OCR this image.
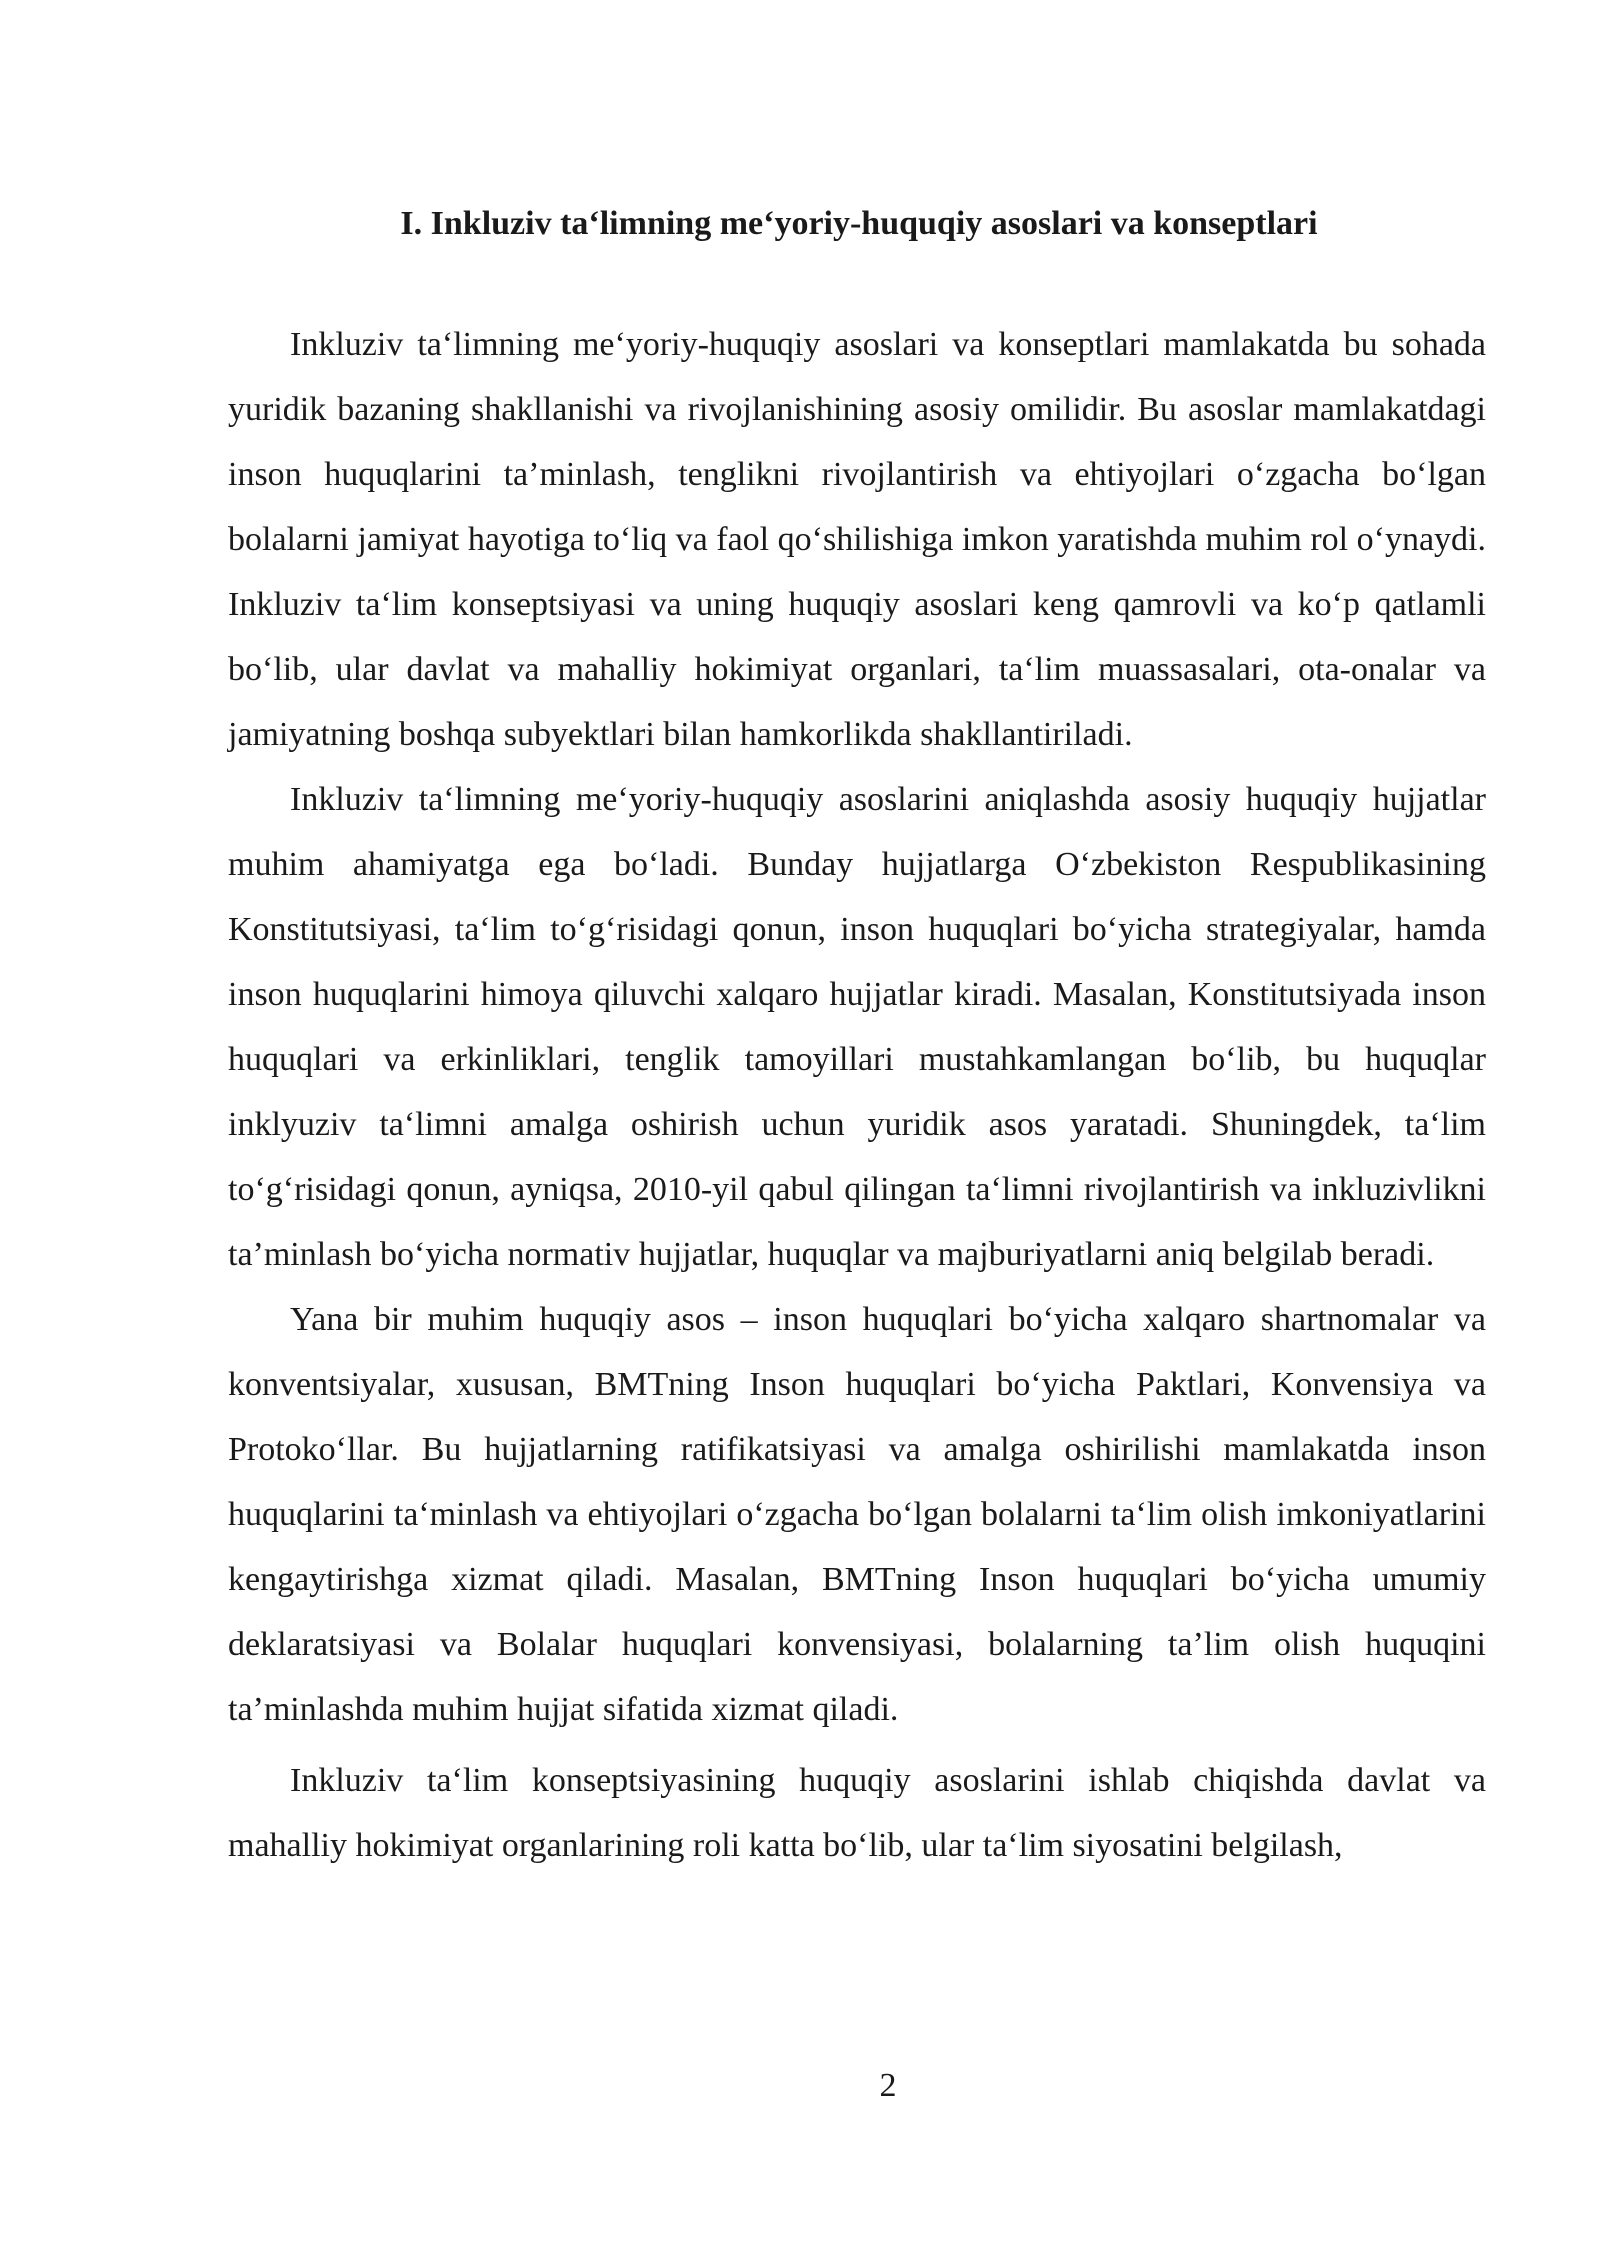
I. Inkluziv ta‘limning me‘yoriy-huquqiy asoslari va konseptlari

Inkluziv ta‘limning me‘yoriy-huquqiy asoslari va konseptlari mamlakatda bu sohada yuridik bazaning shakllanishi va rivojlanishining asosiy omilidir. Bu asoslar mamlakatdagi inson huquqlarini ta’minlash, tenglikni rivojlantirish va ehtiyojlari o‘zgacha bo‘lgan bolalarni jamiyat hayotiga to‘liq va faol qo‘shilishiga imkon yaratishda muhim rol o‘ynaydi. Inkluziv ta‘lim konseptsiyasi va uning huquqiy asoslari keng qamrovli va ko‘p qatlamli bo‘lib, ular davlat va mahalliy hokimiyat organlari, ta‘lim muassasalari, ota-onalar va jamiyatning boshqa subyektlari bilan hamkorlikda shakllantiriladi.

Inkluziv ta‘limning me‘yoriy-huquqiy asoslarini aniqlashda asosiy huquqiy hujjatlar muhim ahamiyatga ega bo‘ladi. Bunday hujjatlarga O‘zbekiston Respublikasining Konstitutsiyasi, ta‘lim to‘g‘risidagi qonun, inson huquqlari bo‘yicha strategiyalar, hamda inson huquqlarini himoya qiluvchi xalqaro hujjatlar kiradi. Masalan, Konstitutsiyada inson huquqlari va erkinliklari, tenglik tamoyillari mustahkamlangan bo‘lib, bu huquqlar inklyuziv ta‘limni amalga oshirish uchun yuridik asos yaratadi. Shuningdek, ta‘lim to‘g‘risidagi qonun, ayniqsa, 2010-yil qabul qilingan ta‘limni rivojlantirish va inkluzivlikni ta’minlash bo‘yicha normativ hujjatlar, huquqlar va majburiyatlarni aniq belgilab beradi.

Yana bir muhim huquqiy asos – inson huquqlari bo‘yicha xalqaro shartnomalar va konventsiyalar, xususan, BMTning Inson huquqlari bo‘yicha Paktlari, Konvensiya va Protoko‘llar. Bu hujjatlarning ratifikatsiyasi va amalga oshirilishi mamlakatda inson huquqlarini ta‘minlash va ehtiyojlari o‘zgacha bo‘lgan bolalarni ta‘lim olish imkoniyatlarini kengaytirishga xizmat qiladi. Masalan, BMTning Inson huquqlari bo‘yicha umumiy deklaratsiyasi va Bolalar huquqlari konvensiyasi, bolalarning ta’lim olish huquqini ta’minlashda muhim hujjat sifatida xizmat qiladi.

Inkluziv ta‘lim konseptsiyasining huquqiy asoslarini ishlab chiqishda davlat va mahalliy hokimiyat organlarining roli katta bo‘lib, ular ta‘lim siyosatini belgilash,

2
